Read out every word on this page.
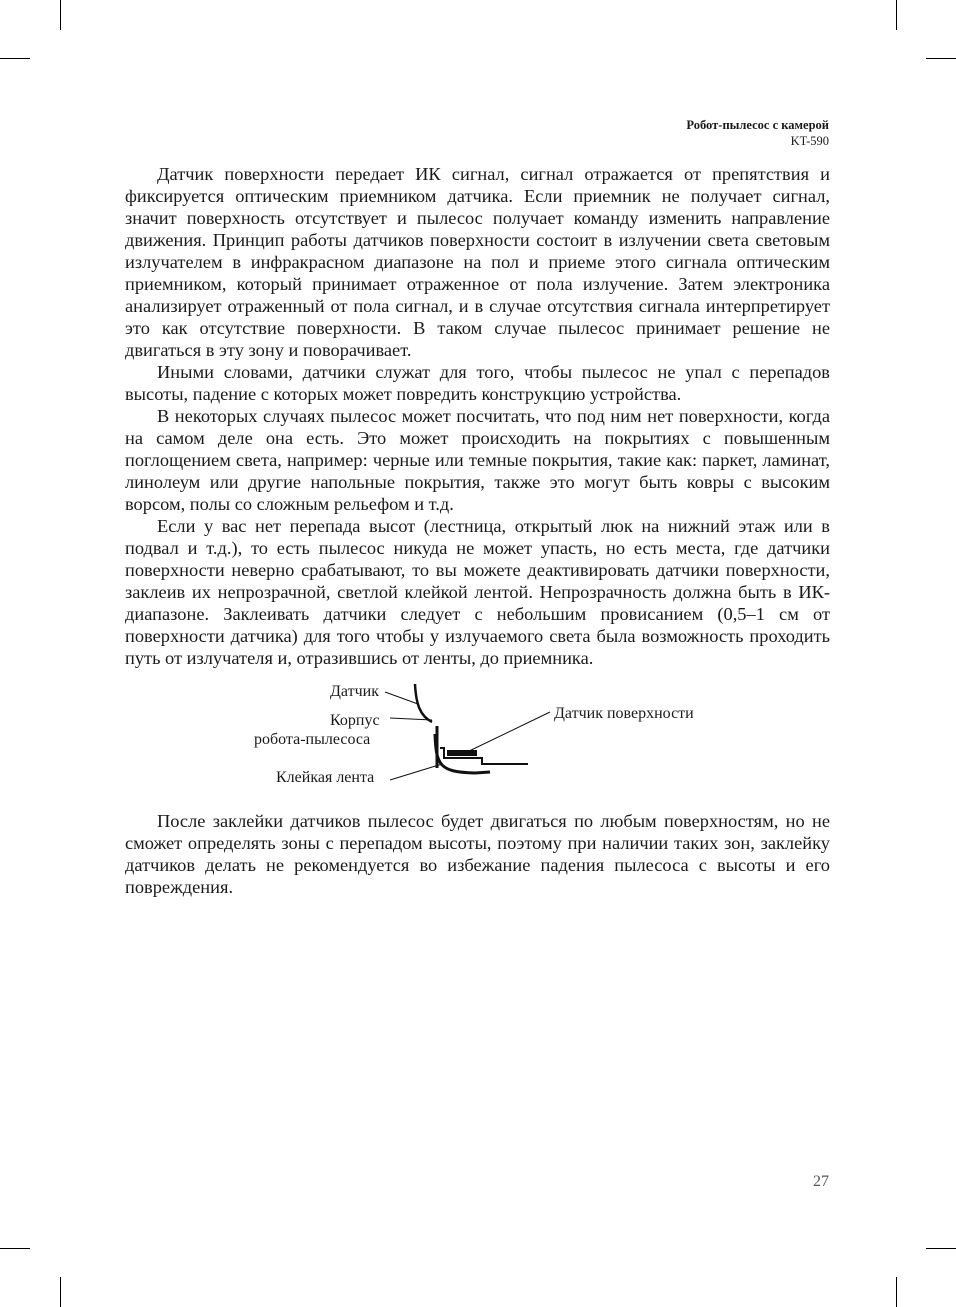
Робот-пылесос с камерой
KT-590

Датчик поверхности передает ИК сигнал, сигнал отражается от препятствия и фиксируется оптическим приемником датчика. Если приемник не получает сигнал, значит поверхность отсутствует и пылесос получает команду изменить направление движения. Принцип работы датчиков поверхности состоит в излучении света световым излучателем в инфракрасном диапазоне на пол и приеме этого сигнала оптическим приемником, который принимает отраженное от пола излучение. Затем электроника анализирует отраженный от пола сигнал, и в случае отсутствия сигнала интерпретирует это как отсутствие поверхности. В таком случае пылесос принимает решение не двигаться в эту зону и поворачивает.

Иными словами, датчики служат для того, чтобы пылесос не упал с перепадов высоты, падение с которых может повредить конструкцию устройства.

В некоторых случаях пылесос может посчитать, что под ним нет поверхности, когда на самом деле она есть. Это может происходить на покрытиях с повышенным поглощением света, например: черные или темные покрытия, такие как: паркет, ламинат, линолеум или другие напольные покрытия, также это могут быть ковры с высоким ворсом, полы со сложным рельефом и т.д.

Если у вас нет перепада высот (лестница, открытый люк на нижний этаж или в подвал и т.д.), то есть пылесос никуда не может упасть, но есть места, где датчики поверхности неверно срабатывают, то вы можете деактивировать датчики поверхности, заклеив их непрозрачной, светлой клейкой лентой. Непрозрачность должна быть в ИК-диапазоне. Заклеивать датчики следует с небольшим провисанием (0,5–1 см от поверхности датчика) для того чтобы у излучаемого света была возможность проходить путь от излучателя и, отразившись от ленты, до приемника.

Датчик
Корпус
робота-пылесоса
Клейкая лента
Датчик поверхности

После заклейки датчиков пылесос будет двигаться по любым поверхностям, но не сможет определять зоны с перепадом высоты, поэтому при наличии таких зон, заклейку датчиков делать не рекомендуется во избежание падения пылесоса с высоты и его повреждения.

27
